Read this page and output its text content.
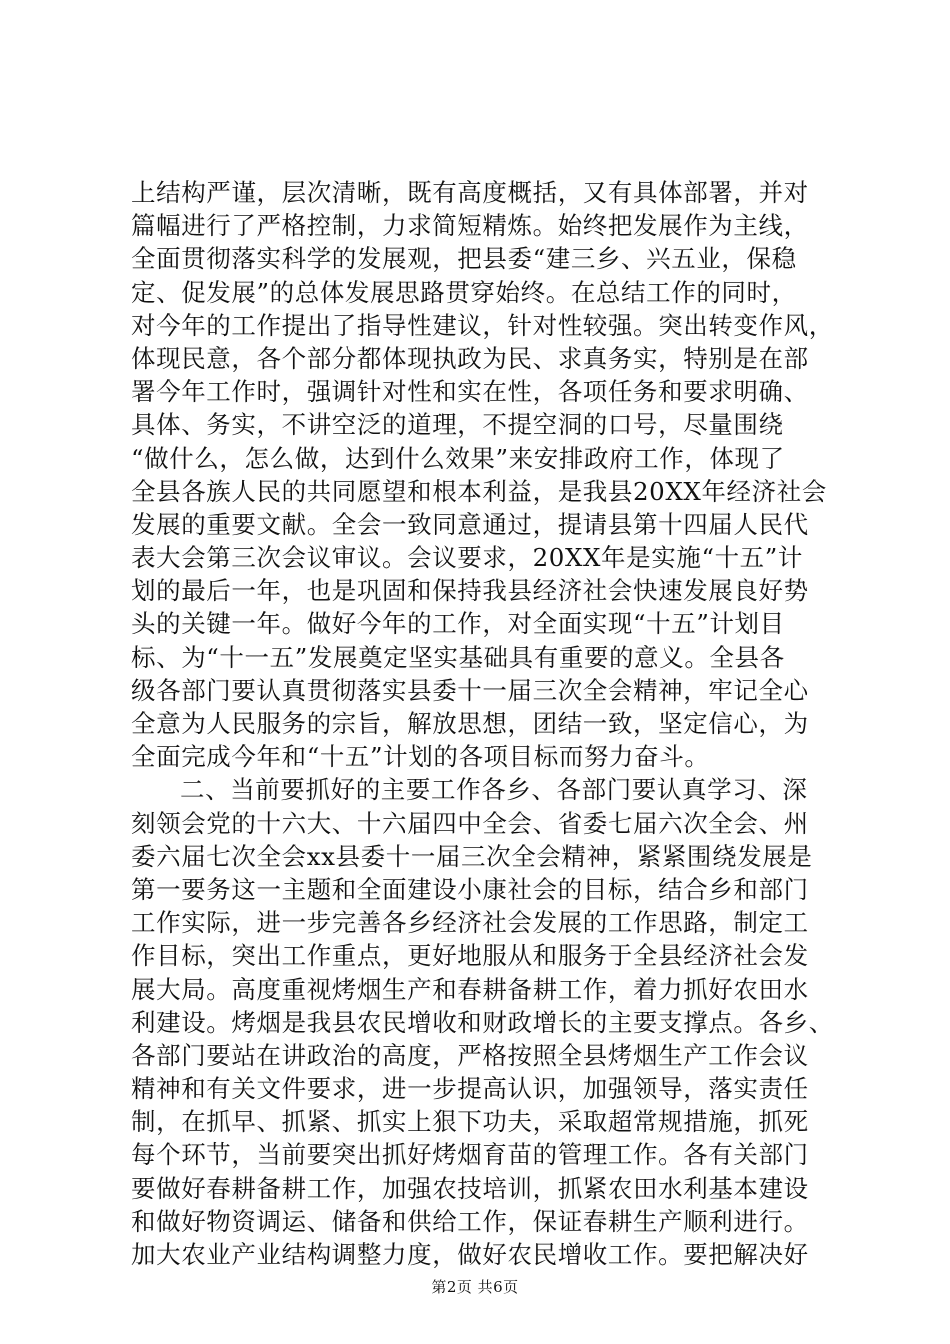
上结构严谨，层次清晰，既有高度概括，又有具体部署，并对
篇幅进行了严格控制，力求简短精炼。始终把发展作为主线，
全面贯彻落实科学的发展观，把县委“建三乡、兴五业，保稳
定、促发展”的总体发展思路贯穿始终。在总结工作的同时，
对今年的工作提出了指导性建议，针对性较强。突出转变作风，
体现民意，各个部分都体现执政为民、求真务实，特别是在部
署今年工作时，强调针对性和实在性，各项任务和要求明确、
具体、务实，不讲空泛的道理，不提空洞的口号，尽量围绕
“做什么，怎么做，达到什么效果”来安排政府工作，体现了
全县各族人民的共同愿望和根本利益，是我县20XX年经济社会
发展的重要文献。全会一致同意通过，提请县第十四届人民代
表大会第三次会议审议。会议要求，20XX年是实施“十五”计
划的最后一年，也是巩固和保持我县经济社会快速发展良好势
头的关键一年。做好今年的工作，对全面实现“十五”计划目
标、为“十一五”发展奠定坚实基础具有重要的意义。全县各
级各部门要认真贯彻落实县委十一届三次全会精神，牢记全心
全意为人民服务的宗旨，解放思想，团结一致，坚定信心，为
全面完成今年和“十五”计划的各项目标而努力奋斗。
二、当前要抓好的主要工作各乡、各部门要认真学习、深
刻领会党的十六大、十六届四中全会、省委七届六次全会、州
委六届七次全会xx县委十一届三次全会精神，紧紧围绕发展是
第一要务这一主题和全面建设小康社会的目标，结合乡和部门
工作实际，进一步完善各乡经济社会发展的工作思路，制定工
作目标，突出工作重点，更好地服从和服务于全县经济社会发
展大局。高度重视烤烟生产和春耕备耕工作，着力抓好农田水
利建设。烤烟是我县农民增收和财政增长的主要支撑点。各乡、
各部门要站在讲政治的高度，严格按照全县烤烟生产工作会议
精神和有关文件要求，进一步提高认识，加强领导，落实责任
制，在抓早、抓紧、抓实上狠下功夫，采取超常规措施，抓死
每个环节，当前要突出抓好烤烟育苗的管理工作。各有关部门
要做好春耕备耕工作，加强农技培训，抓紧农田水利基本建设
和做好物资调运、储备和供给工作，保证春耕生产顺利进行。
加大农业产业结构调整力度，做好农民增收工作。要把解决好
第2页 共6页
